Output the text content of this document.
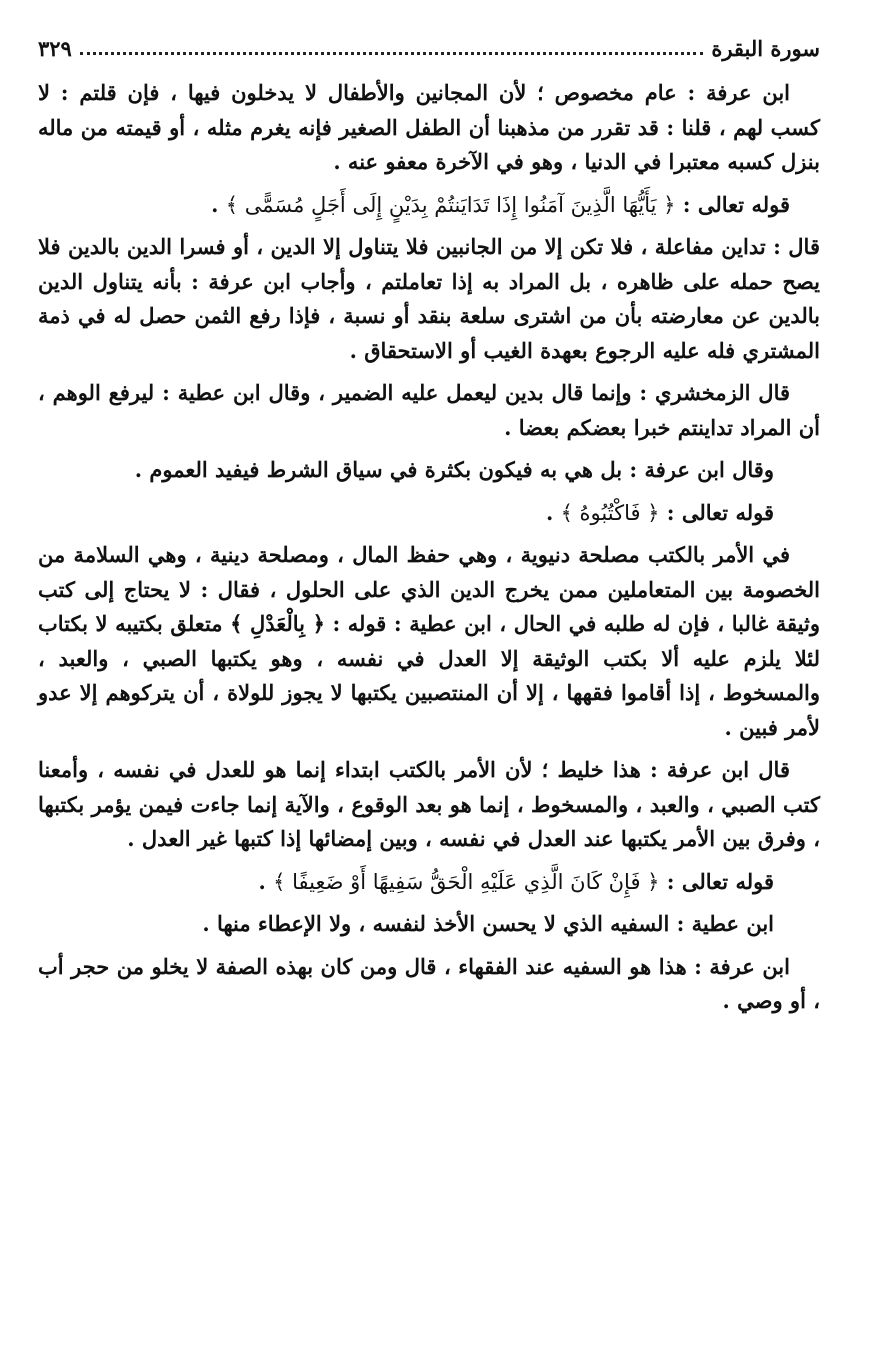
سورة البقرة
٣٢٩

ابن عرفة : عام مخصوص ؛ لأن المجانين والأطفال لا يدخلون فيها ، فإن قلتم : لا كسب لهم ، قلنا : قد تقرر من مذهبنا أن الطفل الصغير فإنه يغرم مثله ، أو قيمته من ماله بنزل كسبه معتبرا في الدنيا ، وهو في الآخرة معفو عنه .

قوله تعالى : ﴿ يَأَيُّهَا الَّذِينَ آمَنُوا إِذَا تَدَايَنتُمْ بِدَيْنٍ إِلَى أَجَلٍ مُسَمًّى ﴾ .

قال : تداين مفاعلة ، فلا تكن إلا من الجانبين فلا يتناول إلا الدين ، أو فسرا الدين بالدين فلا يصح حمله على ظاهره ، بل المراد به إذا تعاملتم ، وأجاب ابن عرفة : بأنه يتناول الدين بالدين عن معارضته بأن من اشترى سلعة بنقد أو نسبة ، فإذا رفع الثمن حصل له في ذمة المشتري فله عليه الرجوع بعهدة الغيب أو الاستحقاق .

قال الزمخشري : وإنما قال بدين ليعمل عليه الضمير ، وقال ابن عطية : ليرفع الوهم ، أن المراد تداينتم خبرا بعضكم بعضا .

وقال ابن عرفة : بل هي به فيكون بكثرة في سياق الشرط فيفيد العموم .

قوله تعالى : ﴿ فَاكْتُبُوهُ ﴾ .

في الأمر بالكتب مصلحة دنيوية ، وهي حفظ المال ، ومصلحة دينية ، وهي السلامة من الخصومة بين المتعاملين ممن يخرج الدين الذي على الحلول ، فقال : لا يحتاج إلى كتب وثيقة غالبا ، فإن له طلبه في الحال ، ابن عطية : قوله : ﴿ بِالْعَدْلِ ﴾ متعلق بكتيبه لا بكتاب لئلا يلزم عليه ألا بكتب الوثيقة إلا العدل في نفسه ، وهو يكتبها الصبي ، والعبد ، والمسخوط ، إذا أقاموا فقهها ، إلا أن المنتصبين يكتبها لا يجوز للولاة ، أن يتركوهم إلا عدو لأمر فبين .

قال ابن عرفة : هذا خليط ؛ لأن الأمر بالكتب ابتداء إنما هو للعدل في نفسه ، وأمعنا كتب الصبي ، والعبد ، والمسخوط ، إنما هو بعد الوقوع ، والآية إنما جاءت فيمن يؤمر بكتبها ، وفرق بين الأمر يكتبها عند العدل في نفسه ، وبين إمضائها إذا كتبها غير العدل .

قوله تعالى : ﴿ فَإِنْ كَانَ الَّذِي عَلَيْهِ الْحَقُّ سَفِيهًا أَوْ ضَعِيفًا ﴾ .

ابن عطية : السفيه الذي لا يحسن الأخذ لنفسه ، ولا الإعطاء منها .

ابن عرفة : هذا هو السفيه عند الفقهاء ، قال ومن كان بهذه الصفة لا يخلو من حجر أب ، أو وصي .
